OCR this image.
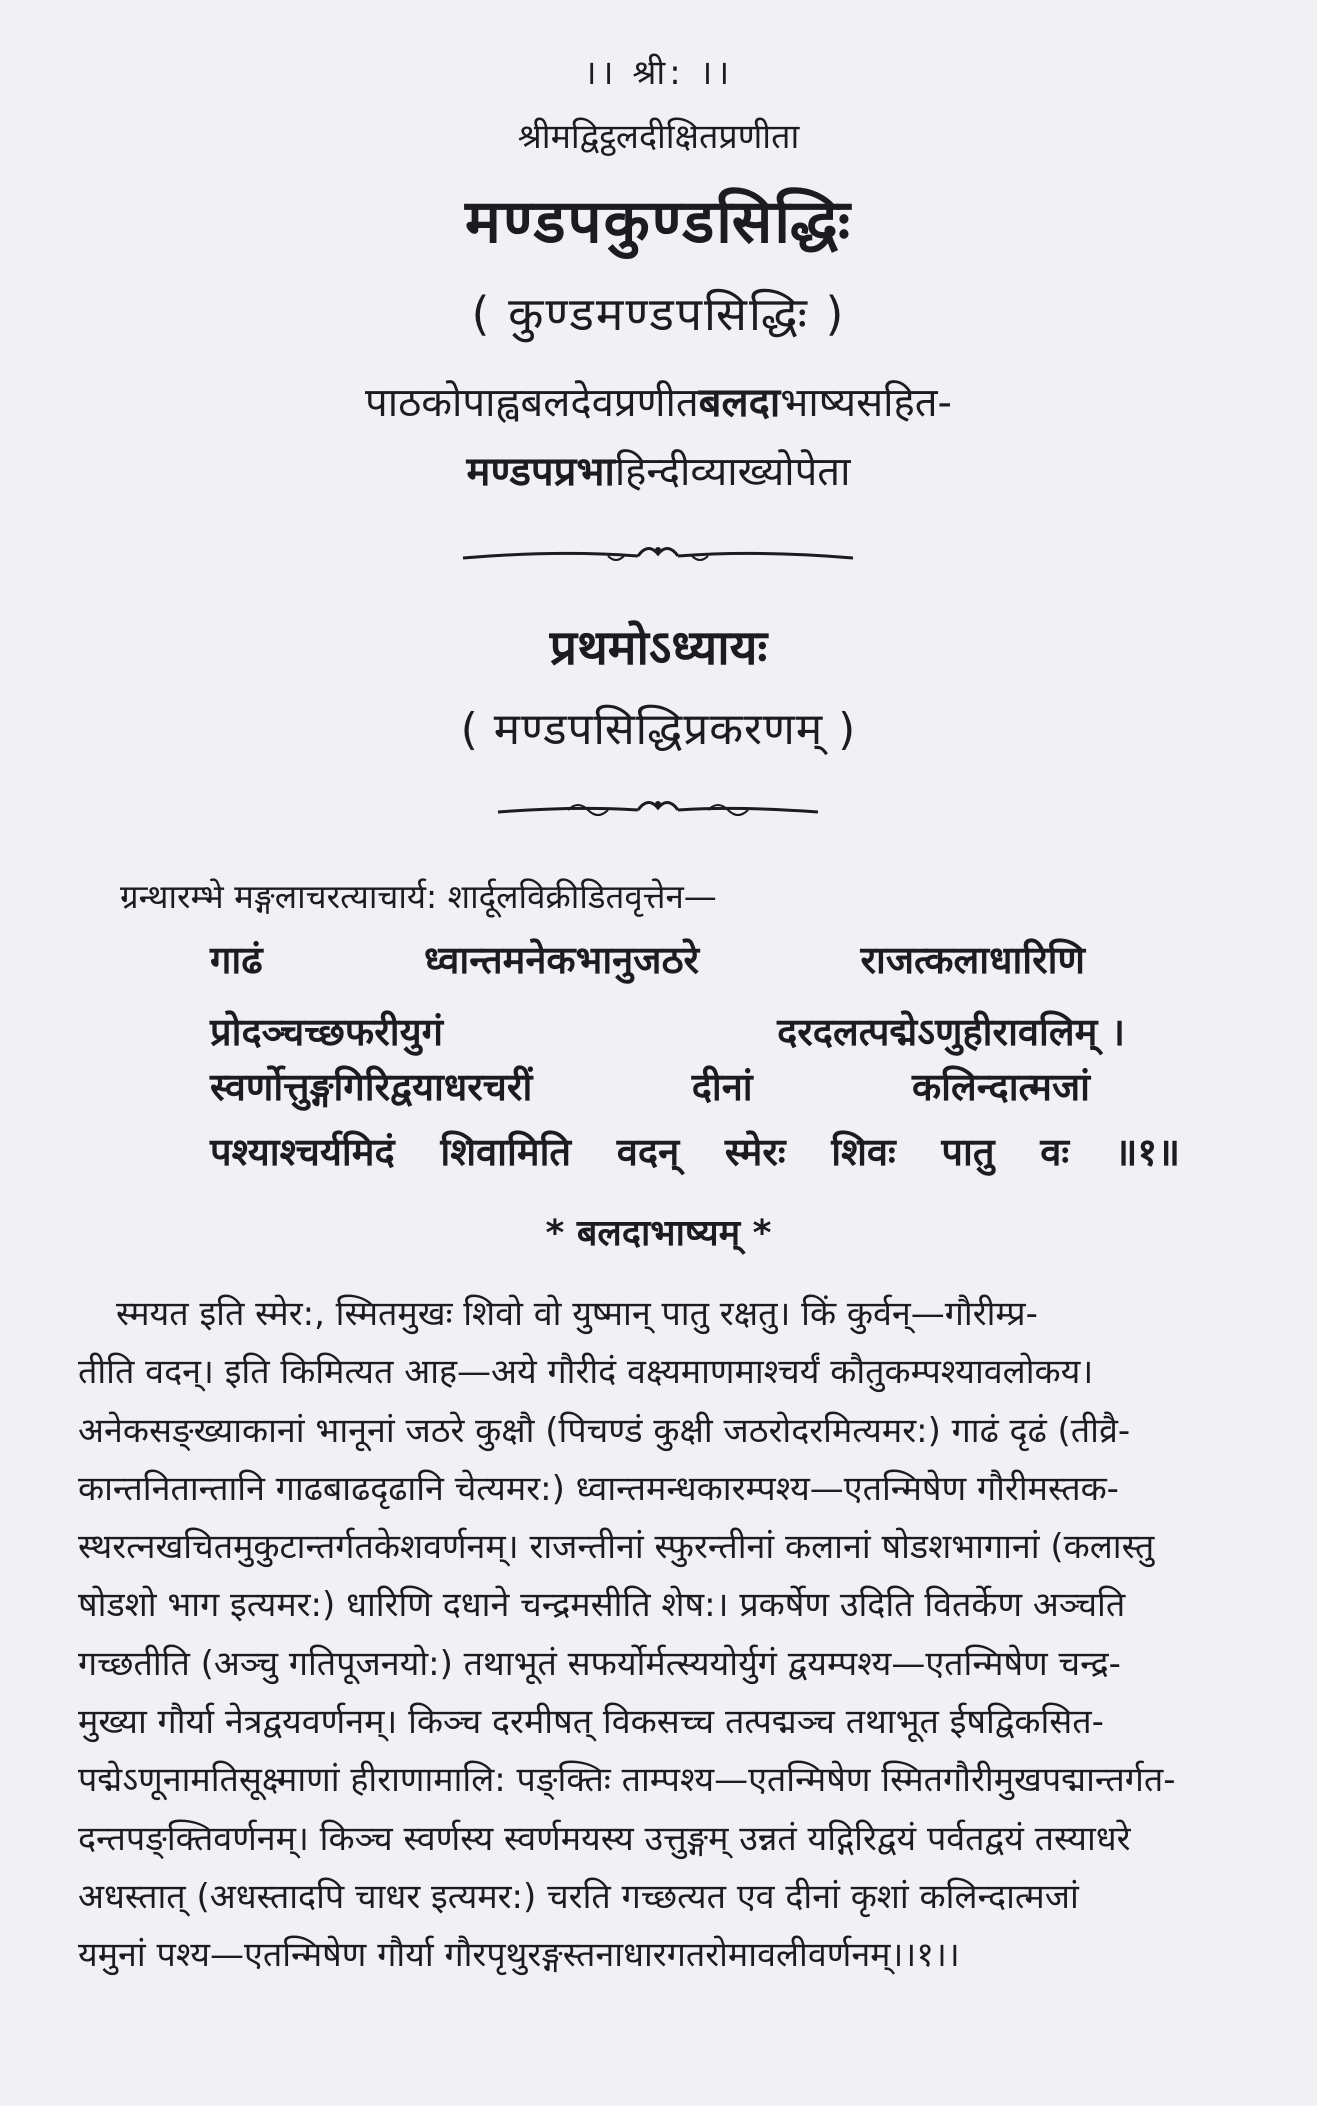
।। श्री: ।।
श्रीमद्विट्ठलदीक्षितप्रणीता
मण्डपकुण्डसिद्धिः
( कुण्डमण्डपसिद्धिः )
पाठकोपाह्वबलदेवप्रणीतबलदाभाष्यसहित-
मण्डपप्रभाहिन्दीव्याख्योपेता
प्रथमोऽध्यायः
( मण्डपसिद्धिप्रकरणम् )
ग्रन्थारम्भे मङ्गलाचरत्याचार्य: शार्दूलविक्रीडितवृत्तेन—
गाढं	ध्वान्तमनेकभानुजठरे	राजत्कलाधारिणि
प्रोदञ्चच्छफरीयुगं	दरदलत्पद्मेऽणुहीरावलिम् ।
स्वर्णोत्तुङ्गगिरिद्वयाधरचरीं	दीनां	कलिन्दात्मजां
पश्याश्चर्यमिदं शिवामिति वदन् स्मेरः शिवः पातु वः ॥१॥
* बलदाभाष्यम् *
स्मयत इति स्मेर:, स्मितमुखः शिवो वो युष्मान् पातु रक्षतु। किं कुर्वन्—गौरीम्प्र-
तीति वदन्। इति किमित्यत आह—अये गौरीदं वक्ष्यमाणमाश्चर्यं कौतुकम्पश्यावलोकय।
अनेकसङ्ख्याकानां भानूनां जठरे कुक्षौ (पिचण्डं कुक्षी जठरोदरमित्यमर:) गाढं दृढं (तीव्रै-
कान्तनितान्तानि गाढबाढदृढानि चेत्यमर:) ध्वान्तमन्धकारम्पश्य—एतन्मिषेण गौरीमस्तक-
स्थरत्नखचितमुकुटान्तर्गतकेशवर्णनम्। राजन्तीनां स्फुरन्तीनां कलानां षोडशभागानां (कलास्तु
षोडशो भाग इत्यमर:) धारिणि दधाने चन्द्रमसीति शेष:। प्रकर्षेण उदिति वितर्केण अञ्चति
गच्छतीति (अञ्चु गतिपूजनयो:) तथाभूतं सफर्योर्मत्स्ययोर्युगं द्वयम्पश्य—एतन्मिषेण चन्द्र-
मुख्या गौर्या नेत्रद्वयवर्णनम्। किञ्च दरमीषत् विकसच्च तत्पद्मञ्च तथाभूत ईषद्विकसित-
पद्मेऽणूनामतिसूक्ष्माणां हीराणामालि: पङ्क्तिः ताम्पश्य—एतन्मिषेण स्मितगौरीमुखपद्मान्तर्गत-
दन्तपङ्क्तिवर्णनम्। किञ्च स्वर्णस्य स्वर्णमयस्य उत्तुङ्गम् उन्नतं यद्गिरिद्वयं पर्वतद्वयं तस्याधरे
अधस्तात् (अधस्तादपि चाधर इत्यमर:) चरति गच्छत्यत एव दीनां कृशां कलिन्दात्मजां
यमुनां पश्य—एतन्मिषेण गौर्या गौरपृथुरङ्गस्तनाधारगतरोमावलीवर्णनम्।।१।।
